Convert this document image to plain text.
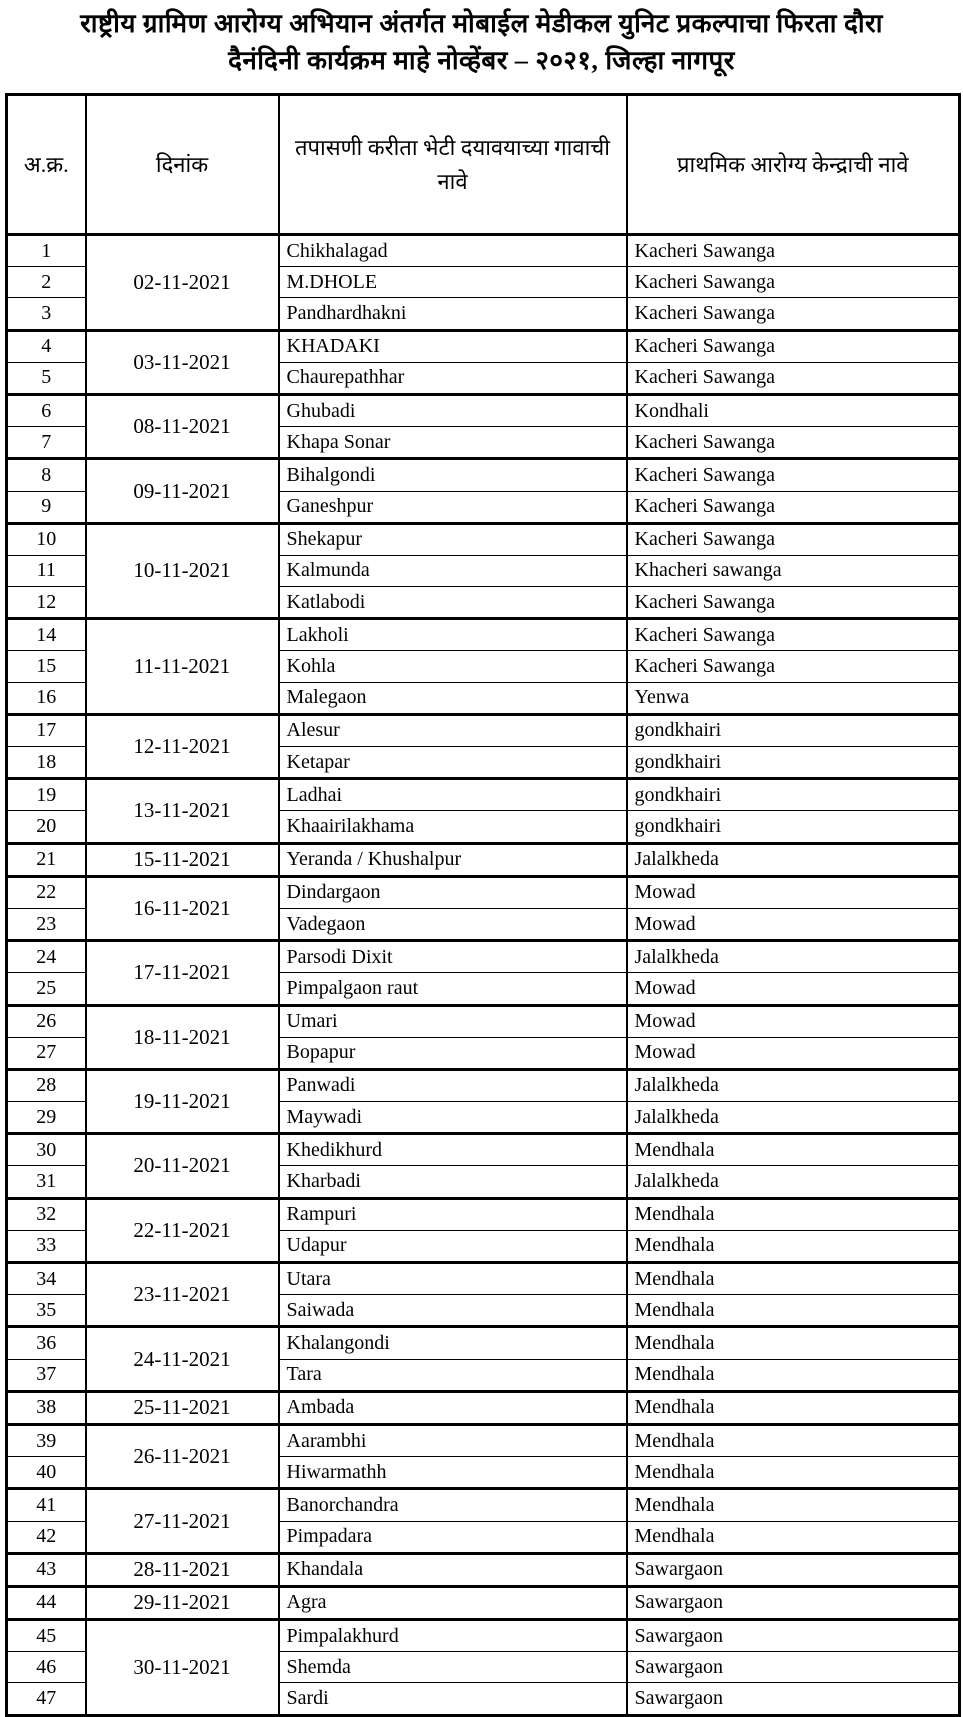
राष्ट्रीय ग्रामिण आरोग्य अभियान अंतर्गत मोबाईल मेडीकल युनिट प्रकल्पाचा फिरता दौरा
दैनंदिनी कार्यक्रम माहे नोव्हेंबर – २०२१, जिल्हा नागपूर
अ.क्र.	दिनांक	तपासणी करीता भेटी दयावयाच्या गावाची नावे	प्राथमिक आरोग्य केन्द्राची नावे
1	02-11-2021	Chikhalagad	Kacheri Sawanga
2		M.DHOLE	Kacheri Sawanga
3		Pandhardhakni	Kacheri Sawanga
4	03-11-2021	KHADAKI	Kacheri Sawanga
5		Chaurepathhar	Kacheri Sawanga
6	08-11-2021	Ghubadi	Kondhali
7		Khapa Sonar	Kacheri Sawanga
8	09-11-2021	Bihalgondi	Kacheri Sawanga
9		Ganeshpur	Kacheri Sawanga
10	10-11-2021	Shekapur	Kacheri Sawanga
11		Kalmunda	Khacheri sawanga
12		Katlabodi	Kacheri Sawanga
14	11-11-2021	Lakholi	Kacheri Sawanga
15		Kohla	Kacheri Sawanga
16		Malegaon	Yenwa
17	12-11-2021	Alesur	gondkhairi
18		Ketapar	gondkhairi
19	13-11-2021	Ladhai	gondkhairi
20		Khaairilakhama	gondkhairi
21	15-11-2021	Yeranda / Khushalpur	Jalalkheda
22	16-11-2021	Dindargaon	Mowad
23		Vadegaon	Mowad
24	17-11-2021	Parsodi Dixit	Jalalkheda
25		Pimpalgaon raut	Mowad
26	18-11-2021	Umari	Mowad
27		Bopapur	Mowad
28	19-11-2021	Panwadi	Jalalkheda
29		Maywadi	Jalalkheda
30	20-11-2021	Khedikhurd	Mendhala
31		Kharbadi	Jalalkheda
32	22-11-2021	Rampuri	Mendhala
33		Udapur	Mendhala
34	23-11-2021	Utara	Mendhala
35		Saiwada	Mendhala
36	24-11-2021	Khalangondi	Mendhala
37		Tara	Mendhala
38	25-11-2021	Ambada	Mendhala
39	26-11-2021	Aarambhi	Mendhala
40		Hiwarmathh	Mendhala
41	27-11-2021	Banorchandra	Mendhala
42		Pimpadara	Mendhala
43	28-11-2021	Khandala	Sawargaon
44	29-11-2021	Agra	Sawargaon
45	30-11-2021	Pimpalakhurd	Sawargaon
46		Shemda	Sawargaon
47		Sardi	Sawargaon
